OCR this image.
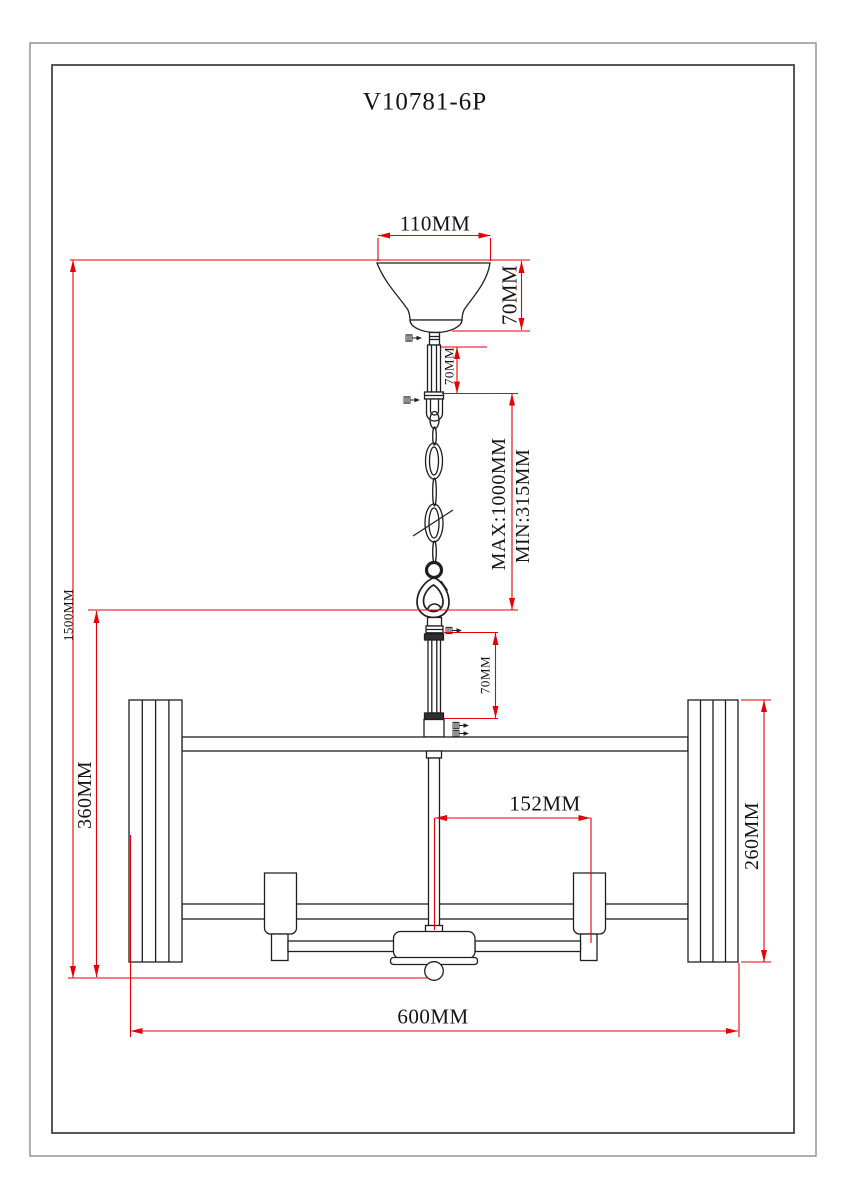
V10781-6P
110MM
70MM
70MM
MAX:1000MM MIN:315MM
70MM
1500MM
360MM	152MM	260MM
600MM
